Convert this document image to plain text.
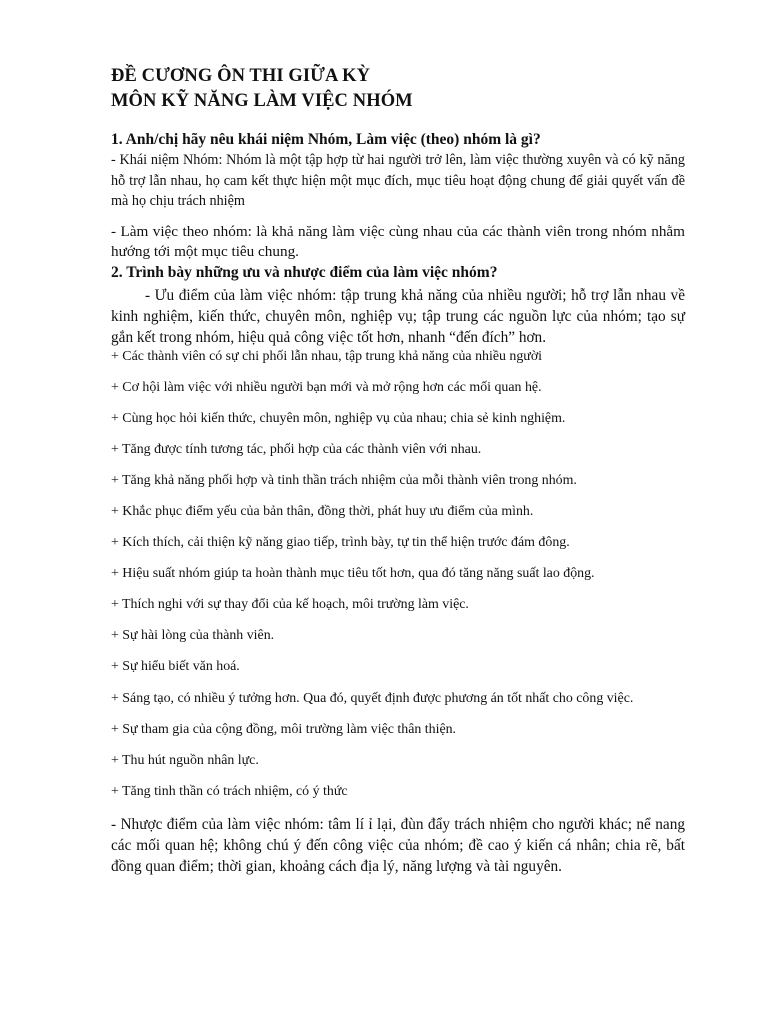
ĐỀ CƯƠNG ÔN THI GIỮA KỲ

MÔN KỸ NĂNG LÀM VIỆC NHÓM

1. Anh/chị hãy nêu khái niệm Nhóm, Làm việc (theo) nhóm là gì?

- Khái niệm Nhóm: Nhóm là một tập hợp từ hai người trở lên, làm việc thường xuyên và có kỹ năng hỗ trợ lẫn nhau, họ cam kết thực hiện một mục đích, mục tiêu hoạt động chung để giải quyết vấn đề mà họ chịu trách nhiệm

- Làm việc theo nhóm: là khả năng làm việc cùng nhau của các thành viên trong nhóm nhằm hướng tới một mục tiêu chung.

2. Trình bày những ưu và nhược điểm của làm việc nhóm?

- Ưu điểm của làm việc nhóm: tập trung khả năng của nhiều người; hỗ trợ lẫn nhau về kinh nghiệm, kiến thức, chuyên môn, nghiệp vụ; tập trung các nguồn lực của nhóm; tạo sự gắn kết trong nhóm, hiệu quả công việc tốt hơn, nhanh “đến đích” hơn.

+ Các thành viên có sự chi phối lẫn nhau, tập trung khả năng của nhiều người

+ Cơ hội làm việc với nhiều người bạn mới và mở rộng hơn các mối quan hệ.

+ Cùng học hỏi kiến thức, chuyên môn, nghiệp vụ của nhau; chia sẻ kinh nghiệm.

+ Tăng được tính tương tác, phối hợp của các thành viên với nhau.

+ Tăng khả năng phối hợp và tinh thần trách nhiệm của mỗi thành viên trong nhóm.

+ Khắc phục điểm yếu của bản thân, đồng thời, phát huy ưu điểm của mình.

+ Kích thích, cải thiện kỹ năng giao tiếp, trình bày, tự tin thể hiện trước đám đông.

+ Hiệu suất nhóm giúp ta hoàn thành mục tiêu tốt hơn, qua đó tăng năng suất lao động.

+ Thích nghi với sự thay đổi của kế hoạch, môi trường làm việc.

+ Sự hài lòng của thành viên.

+ Sự hiểu biết văn hoá.

+ Sáng tạo, có nhiều ý tưởng hơn. Qua đó, quyết định được phương án tốt nhất cho công việc.

+ Sự tham gia của cộng đồng, môi trường làm việc thân thiện.

+ Thu hút nguồn nhân lực.

+ Tăng tinh thần có trách nhiệm, có ý thức

- Nhược điểm của làm việc nhóm: tâm lí ỉ lại, đùn đẩy trách nhiệm cho người khác; nể nang các mối quan hệ; không chú ý đến công việc của nhóm; đề cao ý kiến cá nhân; chia rẽ, bất đồng quan điểm; thời gian, khoảng cách địa lý, năng lượng và tài nguyên.
